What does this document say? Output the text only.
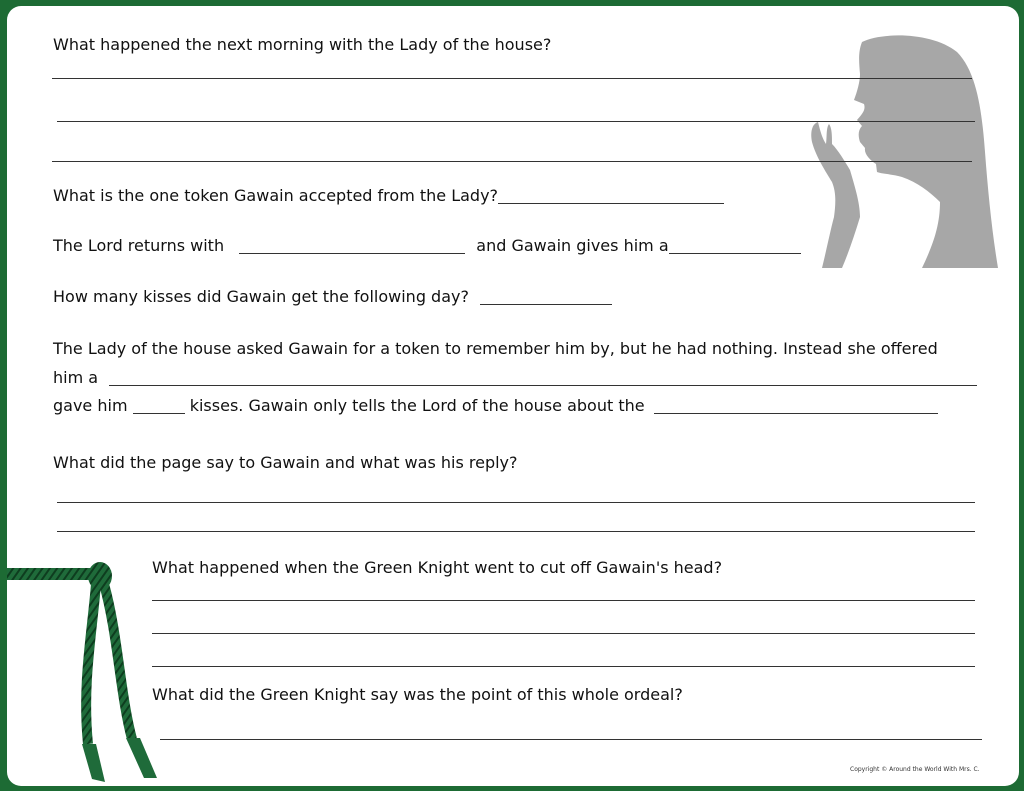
What happened the next morning with the Lady of the house?
What is the one token Gawain accepted from the Lady?
The Lord returns with	and Gawain gives him a
How many kisses did Gawain get the following day?
The Lady of the house asked Gawain for a token to remember him by, but he had nothing. Instead she offered
him a
gave him	kisses. Gawain only tells the Lord of the house about the
What did the page say to Gawain and what was his reply?
What happened when the Green Knight went to cut off Gawain's head?
What did the Green Knight say was the point of this whole ordeal?
Copyright © Around the World With Mrs. C.
